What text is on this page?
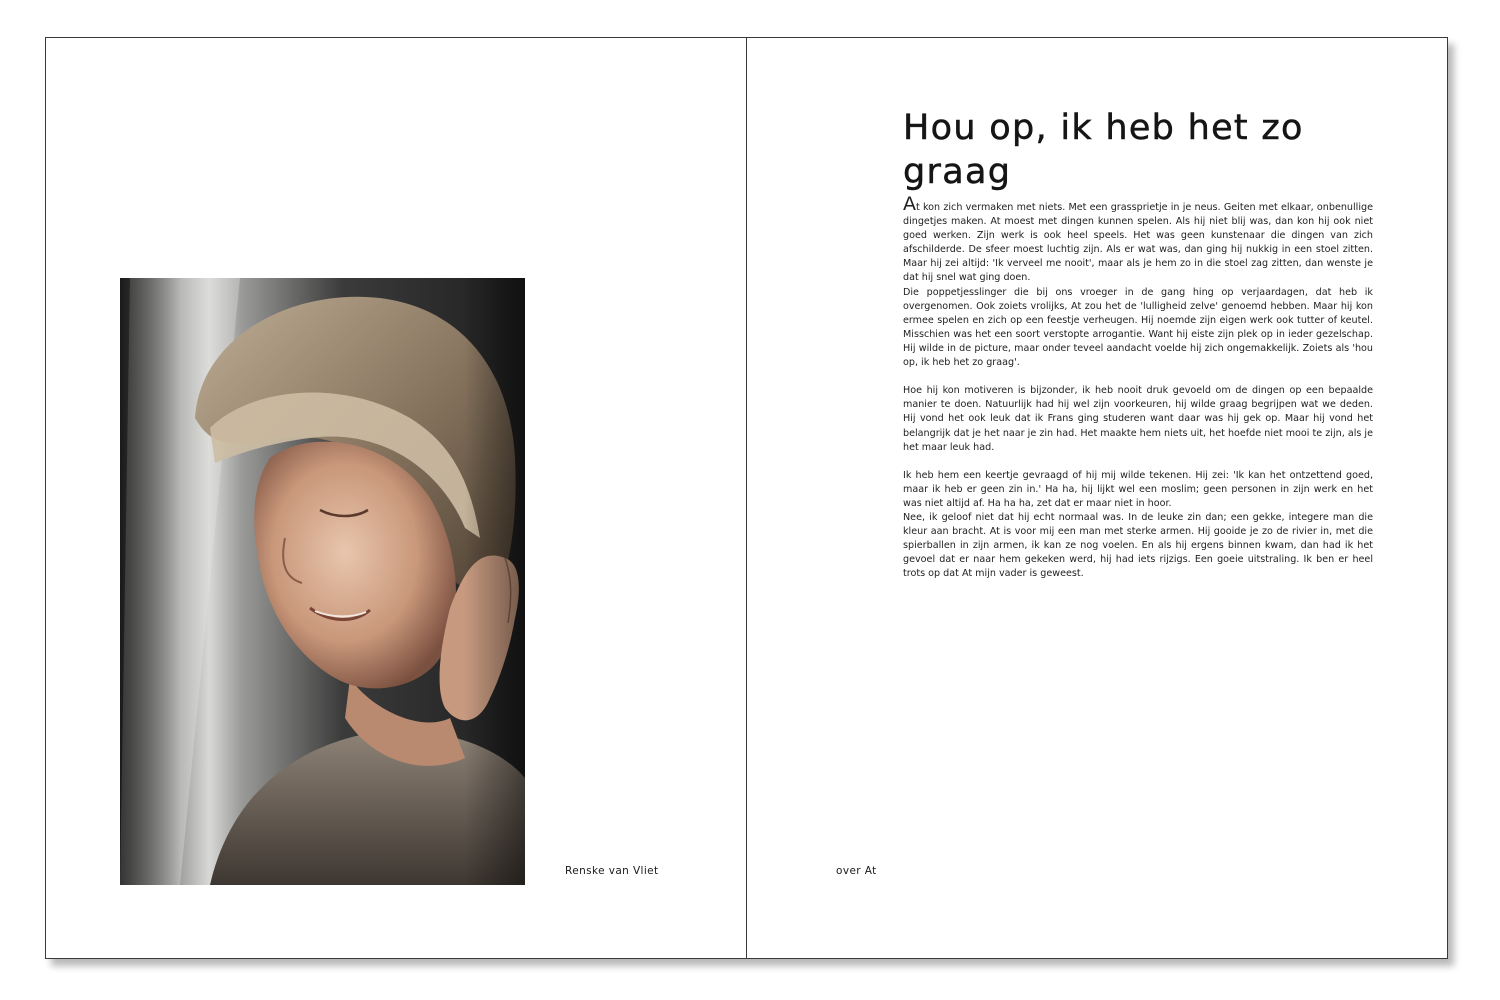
Renske van Vliet
Hou op, ik heb het zo graag

At kon zich vermaken met niets. Met een grassprietje in je neus. Geiten met elkaar, onbenullige dingetjes maken. At moest met dingen kunnen spelen. Als hij niet blij was, dan kon hij ook niet goed werken. Zijn werk is ook heel speels. Het was geen kunstenaar die dingen van zich afschilderde. De sfeer moest luchtig zijn. Als er wat was, dan ging hij nukkig in een stoel zitten. Maar hij zei altijd: 'Ik verveel me nooit', maar als je hem zo in die stoel zag zitten, dan wenste je dat hij snel wat ging doen.
Die poppetjesslinger die bij ons vroeger in de gang hing op verjaardagen, dat heb ik overgenomen. Ook zoiets vrolijks, At zou het de 'lulligheid zelve' genoemd hebben. Maar hij kon ermee spelen en zich op een feestje verheugen. Hij noemde zijn eigen werk ook tutter of keutel. Misschien was het een soort verstopte arrogantie. Want hij eiste zijn plek op in ieder gezelschap. Hij wilde in de picture, maar onder teveel aandacht voelde hij zich ongemakkelijk. Zoiets als 'hou op, ik heb het zo graag'.

Hoe hij kon motiveren is bijzonder, ik heb nooit druk gevoeld om de dingen op een bepaalde manier te doen. Natuurlijk had hij wel zijn voorkeuren, hij wilde graag begrijpen wat we deden. Hij vond het ook leuk dat ik Frans ging studeren want daar was hij gek op. Maar hij vond het belangrijk dat je het naar je zin had. Het maakte hem niets uit, het hoefde niet mooi te zijn, als je het maar leuk had.

Ik heb hem een keertje gevraagd of hij mij wilde tekenen. Hij zei: 'Ik kan het ontzettend goed, maar ik heb er geen zin in.' Ha ha, hij lijkt wel een moslim; geen personen in zijn werk en het was niet altijd af. Ha ha ha, zet dat er maar niet in hoor.
Nee, ik geloof niet dat hij echt normaal was. In de leuke zin dan; een gekke, integere man die kleur aan bracht. At is voor mij een man met sterke armen. Hij gooide je zo de rivier in, met die spierballen in zijn armen, ik kan ze nog voelen. En als hij ergens binnen kwam, dan had ik het gevoel dat er naar hem gekeken werd, hij had iets rijzigs. Een goeie uitstraling. Ik ben er heel trots op dat At mijn vader is geweest.

over At
